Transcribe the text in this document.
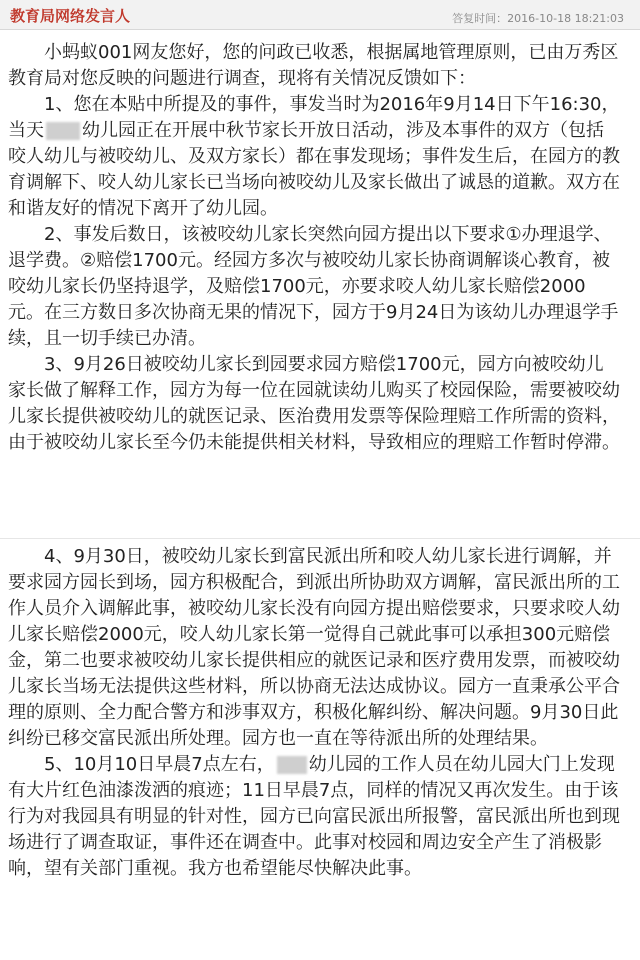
教育局网络发言人	答复时间：2016-10-18 18:21:03

小蚂蚁001网友您好，您的问政已收悉，根据属地管理原则，已由万秀区教育局对您反映的问题进行调查，现将有关情况反馈如下：

1、您在本贴中所提及的事件，事发当时为2016年9月14日下午16:30，当天 幼儿园正在开展中秋节家长开放日活动，涉及本事件的双方（包括咬人幼儿与被咬幼儿、及双方家长）都在事发现场；事件发生后，在园方的教育调解下、咬人幼儿家长已当场向被咬幼儿及家长做出了诚恳的道歉。双方在和谐友好的情况下离开了幼儿园。

2、事发后数日，该被咬幼儿家长突然向园方提出以下要求①办理退学、退学费。②赔偿1700元。经园方多次与被咬幼儿家长协商调解谈心教育，被咬幼儿家长仍坚持退学，及赔偿1700元，亦要求咬人幼儿家长赔偿2000元。在三方数日多次协商无果的情况下，园方于9月24日为该幼儿办理退学手续，且一切手续已办清。

3、9月26日被咬幼儿家长到园要求园方赔偿1700元，园方向被咬幼儿家长做了解释工作，园方为每一位在园就读幼儿购买了校园保险，需要被咬幼儿家长提供被咬幼儿的就医记录、医治费用发票等保险理赔工作所需的资料，由于被咬幼儿家长至今仍未能提供相关材料，导致相应的理赔工作暂时停滞。

4、9月30日，被咬幼儿家长到富民派出所和咬人幼儿家长进行调解，并要求园方园长到场，园方积极配合，到派出所协助双方调解，富民派出所的工作人员介入调解此事，被咬幼儿家长没有向园方提出赔偿要求，只要求咬人幼儿家长赔偿2000元，咬人幼儿家长第一觉得自己就此事可以承担300元赔偿金，第二也要求被咬幼儿家长提供相应的就医记录和医疗费用发票，而被咬幼儿家长当场无法提供这些材料，所以协商无法达成协议。园方一直秉承公平合理的原则、全力配合警方和涉事双方，积极化解纠纷、解决问题。9月30日此纠纷已移交富民派出所处理。园方也一直在等待派出所的处理结果。

5、10月10日早晨7点左右， 幼儿园的工作人员在幼儿园大门上发现有大片红色油漆泼洒的痕迹；11日早晨7点，同样的情况又再次发生。由于该行为对我园具有明显的针对性，园方已向富民派出所报警，富民派出所也到现场进行了调查取证，事件还在调查中。此事对校园和周边安全产生了消极影响，望有关部门重视。我方也希望能尽快解决此事。
